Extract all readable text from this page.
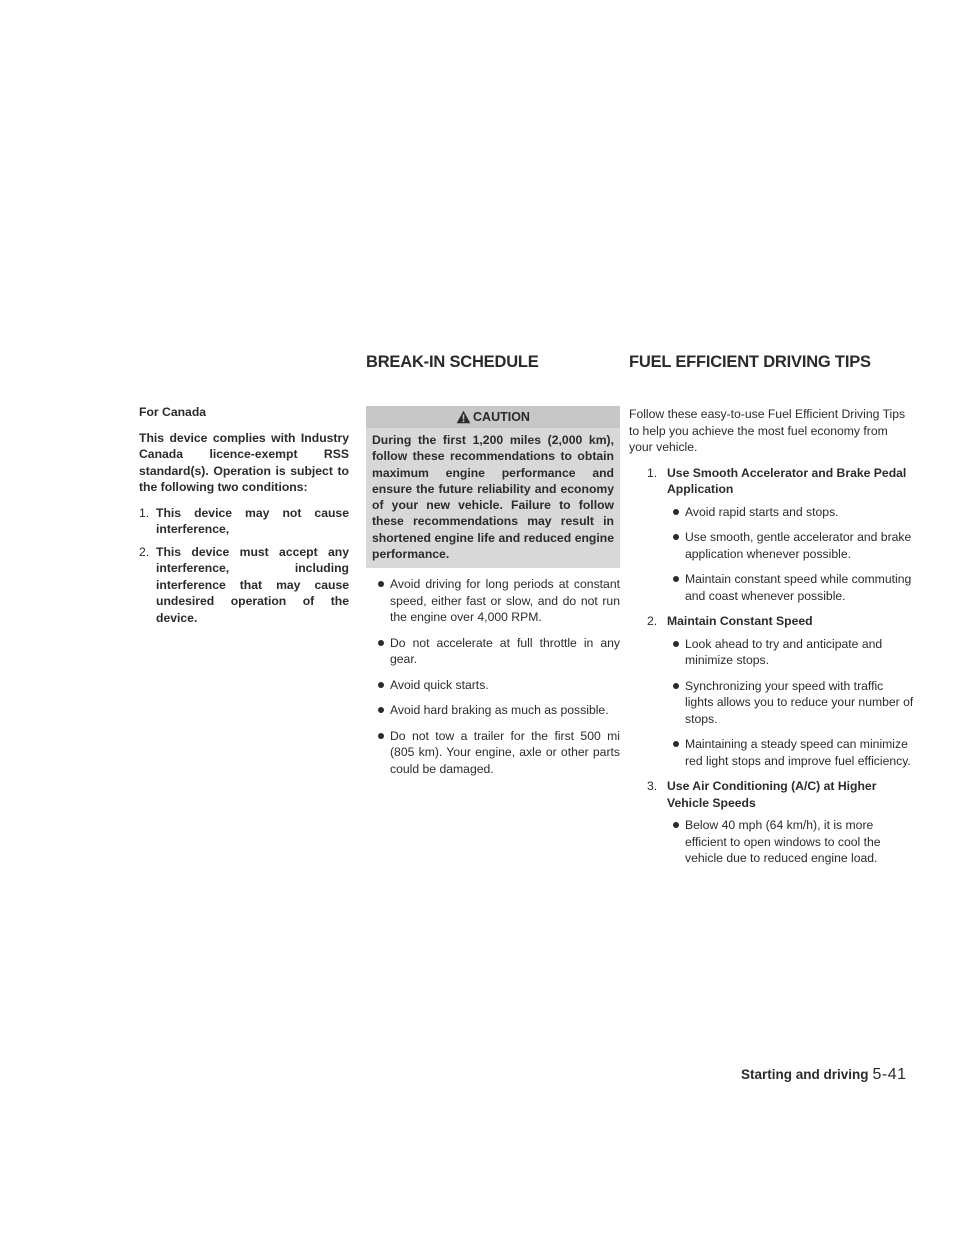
For Canada
This device complies with Industry Canada licence-exempt RSS standard(s). Operation is subject to the following two conditions:
1. This device may not cause interference,
2. This device must accept any interference, including interference that may cause undesired operation of the device.
BREAK-IN SCHEDULE
CAUTION
During the first 1,200 miles (2,000 km), follow these recommendations to obtain maximum engine performance and ensure the future reliability and economy of your new vehicle. Failure to follow these recommendations may result in shortened engine life and reduced engine performance.
Avoid driving for long periods at constant speed, either fast or slow, and do not run the engine over 4,000 RPM.
Do not accelerate at full throttle in any gear.
Avoid quick starts.
Avoid hard braking as much as possible.
Do not tow a trailer for the first 500 mi (805 km). Your engine, axle or other parts could be damaged.
FUEL EFFICIENT DRIVING TIPS
Follow these easy-to-use Fuel Efficient Driving Tips to help you achieve the most fuel economy from your vehicle.
1. Use Smooth Accelerator and Brake Pedal Application
Avoid rapid starts and stops.
Use smooth, gentle accelerator and brake application whenever possible.
Maintain constant speed while commuting and coast whenever possible.
2. Maintain Constant Speed
Look ahead to try and anticipate and minimize stops.
Synchronizing your speed with traffic lights allows you to reduce your number of stops.
Maintaining a steady speed can minimize red light stops and improve fuel efficiency.
3. Use Air Conditioning (A/C) at Higher Vehicle Speeds
Below 40 mph (64 km/h), it is more efficient to open windows to cool the vehicle due to reduced engine load.
Starting and driving 5-41
